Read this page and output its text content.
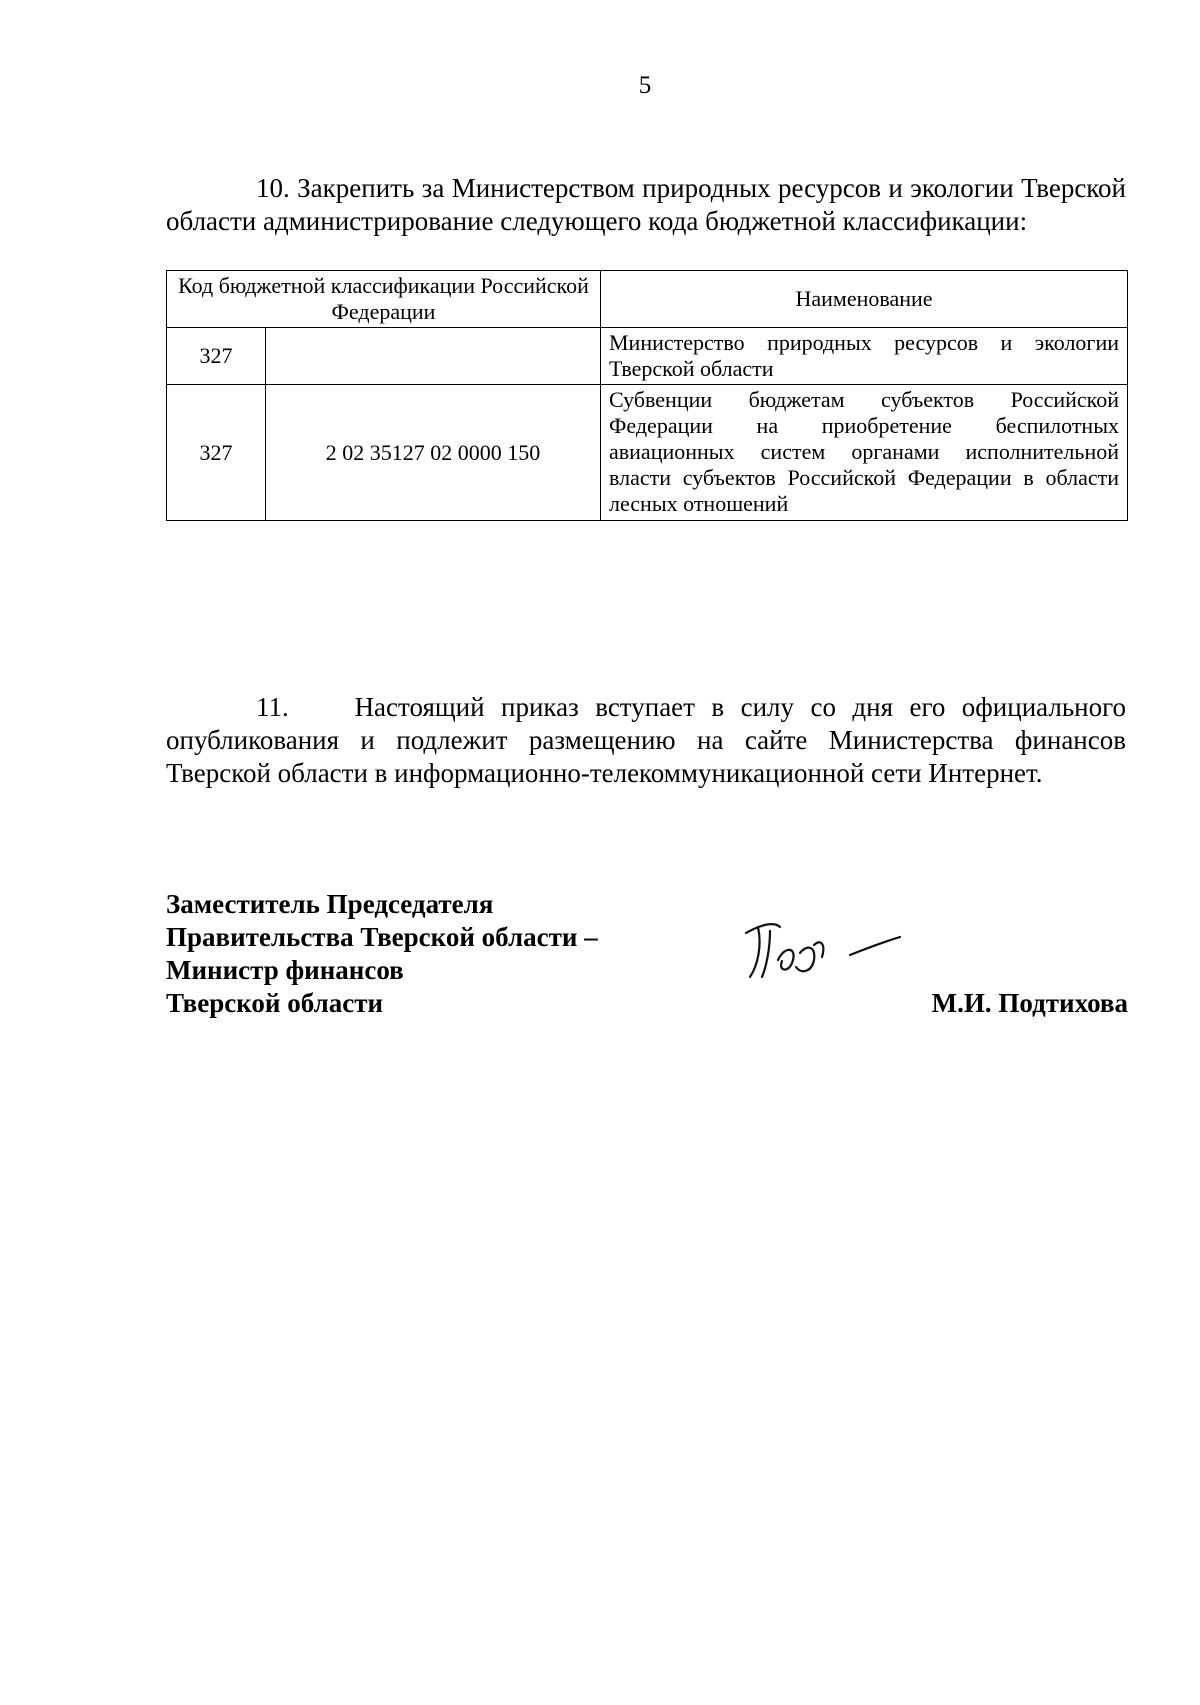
5

10. Закрепить за Министерством природных ресурсов и экологии Тверской области администрирование следующего кода бюджетной классификации:

Код бюджетной классификации Российской Федерации		Наименование
327		Министерство природных ресурсов и экологии Тверской области
327	2 02 35127 02 0000 150	Субвенции бюджетам субъектов Российской Федерации на приобретение беспилотных авиационных систем органами исполнительной власти субъектов Российской Федерации в области лесных отношений

11. Настоящий приказ вступает в силу со дня его официального опубликования и подлежит размещению на сайте Министерства финансов Тверской области в информационно-телекоммуникационной сети Интернет.

Заместитель Председателя
Правительства Тверской области –
Министр финансов
Тверской области	М.И. Подтихова
